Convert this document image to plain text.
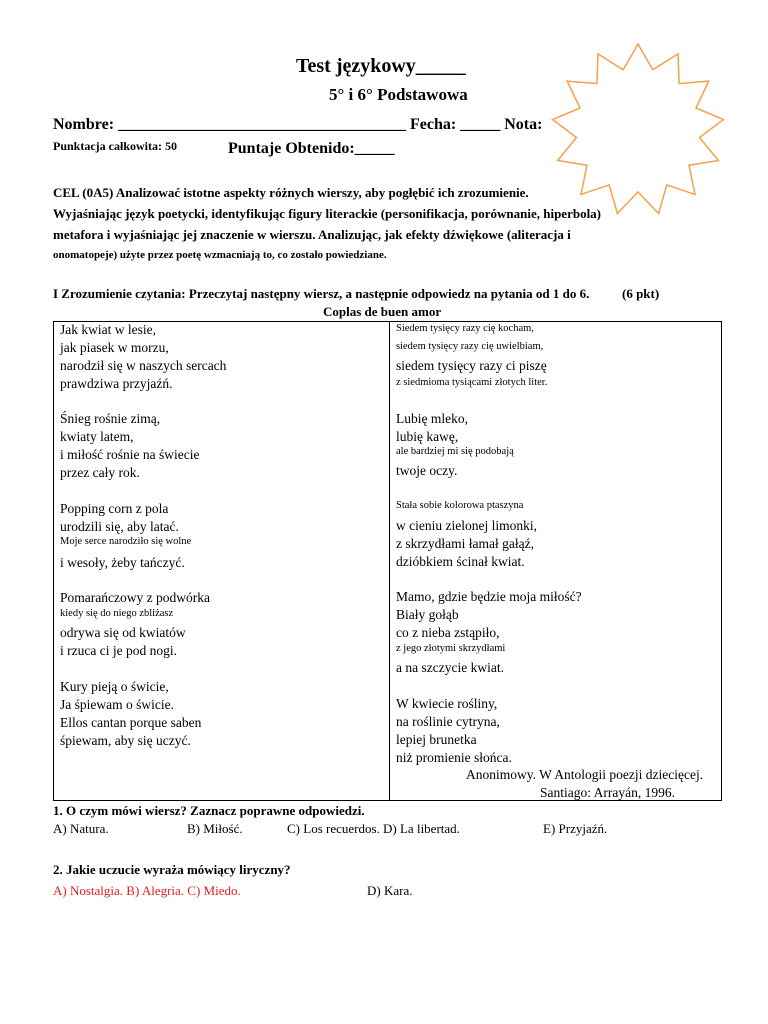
Test językowy_____
5° i 6° Podstawowa
Nombre: ____________________________________ Fecha: _____ Nota:
Punktacja całkowita: 50	Puntaje Obtenido:_____
CEL (0A5) Analizować istotne aspekty różnych wierszy, aby pogłębić ich zrozumienie.
Wyjaśniając język poetycki, identyfikując figury literackie (personifikacja, porównanie, hiperbola)
metafora i wyjaśniając jej znaczenie w wierszu. Analizując, jak efekty dźwiękowe (aliteracja i
onomatopeje) użyte przez poetę wzmacniają to, co zostało powiedziane.
I Zrozumienie czytania: Przeczytaj następny wiersz, a następnie odpowiedz na pytania od 1 do 6.	(6 pkt)
Coplas de buen amor
Jak kwiat w lesie,
jak piasek w morzu,
narodził się w naszych sercach
prawdziwa przyjaźń.
Śnieg rośnie zimą,
kwiaty latem,
i miłość rośnie na świecie
przez cały rok.
Popping corn z pola
urodzili się, aby latać.
Moje serce narodziło się wolne
i wesoły, żeby tańczyć.
Pomarańczowy z podwórka
kiedy się do niego zbliżasz
odrywa się od kwiatów
i rzuca ci je pod nogi.
Kury pieją o świcie,
Ja śpiewam o świcie.
Ellos cantan porque saben
śpiewam, aby się uczyć.
Siedem tysięcy razy cię kocham,
siedem tysięcy razy cię uwielbiam,
siedem tysięcy razy ci piszę
z siedmioma tysiącami złotych liter.
Lubię mleko,
lubię kawę,
ale bardziej mi się podobają
twoje oczy.
Stała sobie kolorowa ptaszyna
w cieniu zielonej limonki,
z skrzydłami łamał gałąź,
dzióbkiem ścinał kwiat.
Mamo, gdzie będzie moja miłość?
Biały gołąb
co z nieba zstąpiło,
z jego złotymi skrzydłami
a na szczycie kwiat.
W kwiecie rośliny,
na roślinie cytryna,
lepiej brunetka
niż promienie słońca.
Anonimowy. W Antologii poezji dziecięcej.
Santiago: Arrayán, 1996.
1. O czym mówi wiersz? Zaznacz poprawne odpowiedzi.
A) Natura.	B) Miłość.	C) Los recuerdos. D) La libertad.	E) Przyjaźń.
2. Jakie uczucie wyraża mówiący liryczny?
A) Nostalgia. B) Alegria. C) Miedo.	D) Kara.
